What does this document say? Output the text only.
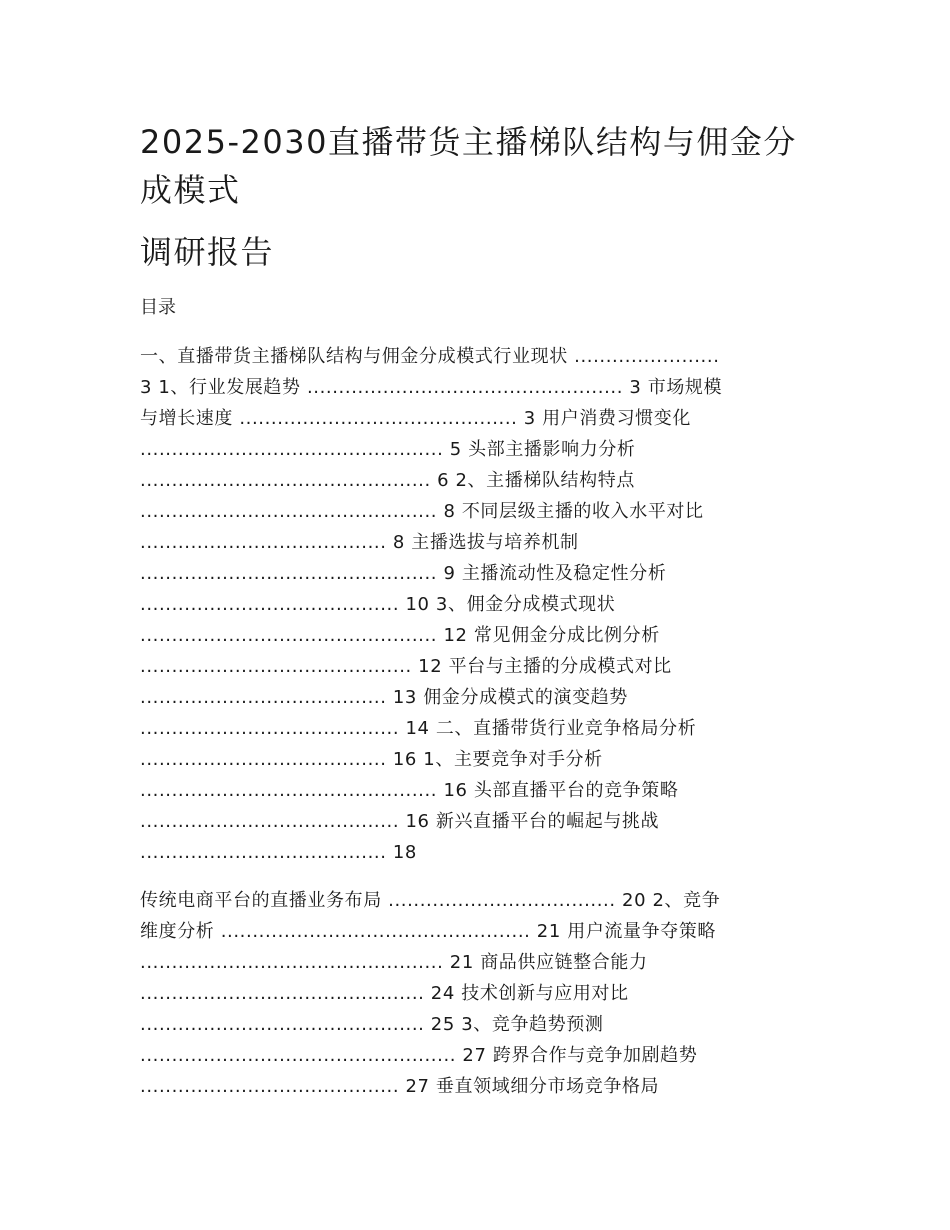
2025-2030直播带货主播梯队结构与佣金分成模式
调研报告
目录
一、直播带货主播梯队结构与佣金分成模式行业现状 .......................
3 1、行业发展趋势 .................................................. 3 市场规模
与增长速度 ............................................ 3 用户消费习惯变化
................................................ 5 头部主播影响力分析
.............................................. 6 2、主播梯队结构特点
............................................... 8 不同层级主播的收入水平对比
....................................... 8 主播选拔与培养机制
............................................... 9 主播流动性及稳定性分析
......................................... 10 3、佣金分成模式现状
............................................... 12 常见佣金分成比例分析
........................................... 12 平台与主播的分成模式对比
....................................... 13 佣金分成模式的演变趋势
......................................... 14 二、直播带货行业竞争格局分析
....................................... 16 1、主要竞争对手分析
............................................... 16 头部直播平台的竞争策略
......................................... 16 新兴直播平台的崛起与挑战
....................................... 18
传统电商平台的直播业务布局 .................................... 20 2、竞争
维度分析 ................................................. 21 用户流量争夺策略
................................................ 21 商品供应链整合能力
............................................. 24 技术创新与应用对比
............................................. 25 3、竞争趋势预测
.................................................. 27 跨界合作与竞争加剧趋势
......................................... 27 垂直领域细分市场竞争格局
